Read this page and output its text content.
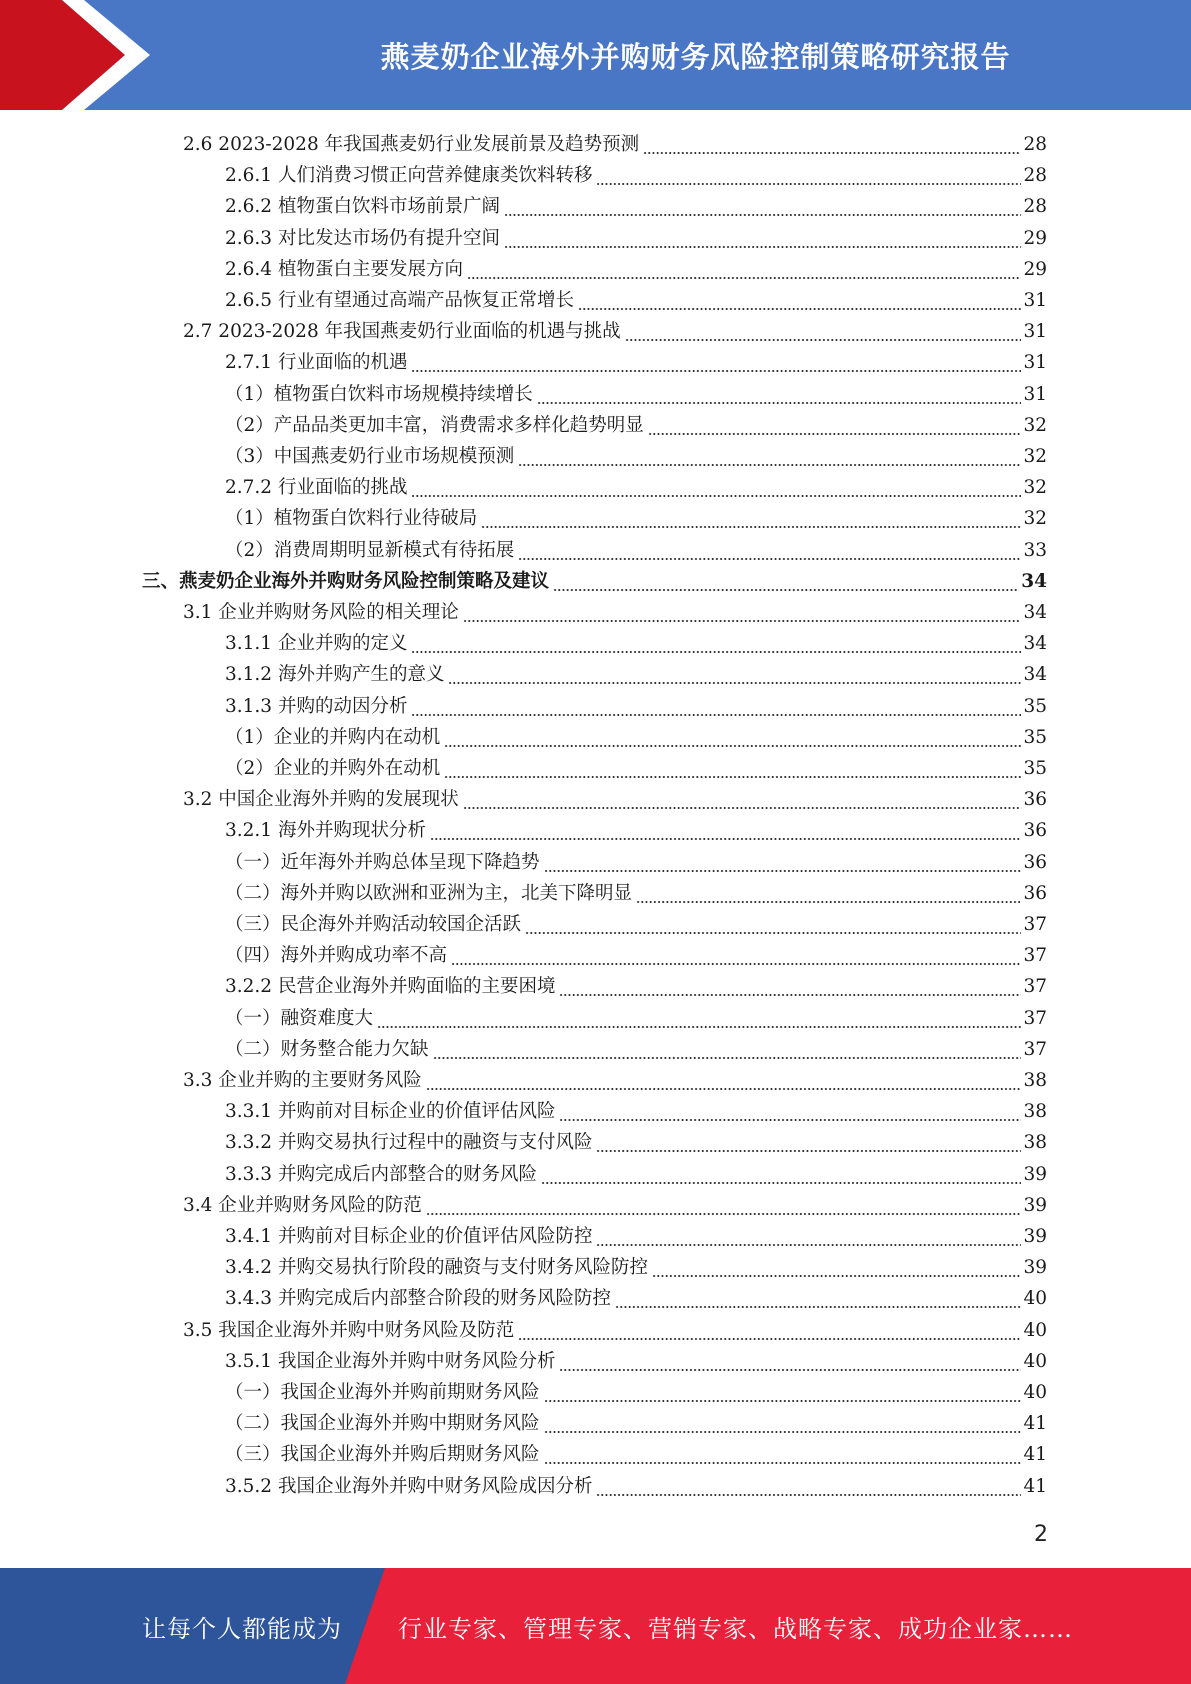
燕麦奶企业海外并购财务风险控制策略研究报告
2.6 2023-2028 年我国燕麦奶行业发展前景及趋势预测	28
2.6.1 人们消费习惯正向营养健康类饮料转移	28
2.6.2 植物蛋白饮料市场前景广阔	28
2.6.3 对比发达市场仍有提升空间	29
2.6.4 植物蛋白主要发展方向	29
2.6.5 行业有望通过高端产品恢复正常增长	31
2.7 2023-2028 年我国燕麦奶行业面临的机遇与挑战	31
2.7.1 行业面临的机遇	31
（1）植物蛋白饮料市场规模持续增长	31
（2）产品品类更加丰富，消费需求多样化趋势明显	32
（3）中国燕麦奶行业市场规模预测	32
2.7.2 行业面临的挑战	32
（1）植物蛋白饮料行业待破局	32
（2）消费周期明显新模式有待拓展	33
三、燕麦奶企业海外并购财务风险控制策略及建议	34
3.1 企业并购财务风险的相关理论	34
3.1.1 企业并购的定义	34
3.1.2 海外并购产生的意义	34
3.1.3 并购的动因分析	35
（1）企业的并购内在动机	35
（2）企业的并购外在动机	35
3.2 中国企业海外并购的发展现状	36
3.2.1 海外并购现状分析	36
（一）近年海外并购总体呈现下降趋势	36
（二）海外并购以欧洲和亚洲为主，北美下降明显	36
（三）民企海外并购活动较国企活跃	37
（四）海外并购成功率不高	37
3.2.2 民营企业海外并购面临的主要困境	37
（一）融资难度大	37
（二）财务整合能力欠缺	37
3.3 企业并购的主要财务风险	38
3.3.1 并购前对目标企业的价值评估风险	38
3.3.2 并购交易执行过程中的融资与支付风险	38
3.3.3 并购完成后内部整合的财务风险	39
3.4 企业并购财务风险的防范	39
3.4.1 并购前对目标企业的价值评估风险防控	39
3.4.2 并购交易执行阶段的融资与支付财务风险防控	39
3.4.3 并购完成后内部整合阶段的财务风险防控	40
3.5 我国企业海外并购中财务风险及防范	40
3.5.1 我国企业海外并购中财务风险分析	40
（一）我国企业海外并购前期财务风险	40
（二）我国企业海外并购中期财务风险	41
（三）我国企业海外并购后期财务风险	41
3.5.2 我国企业海外并购中财务风险成因分析	41
2
让每个人都能成为 行业专家、管理专家、营销专家、战略专家、成功企业家……
